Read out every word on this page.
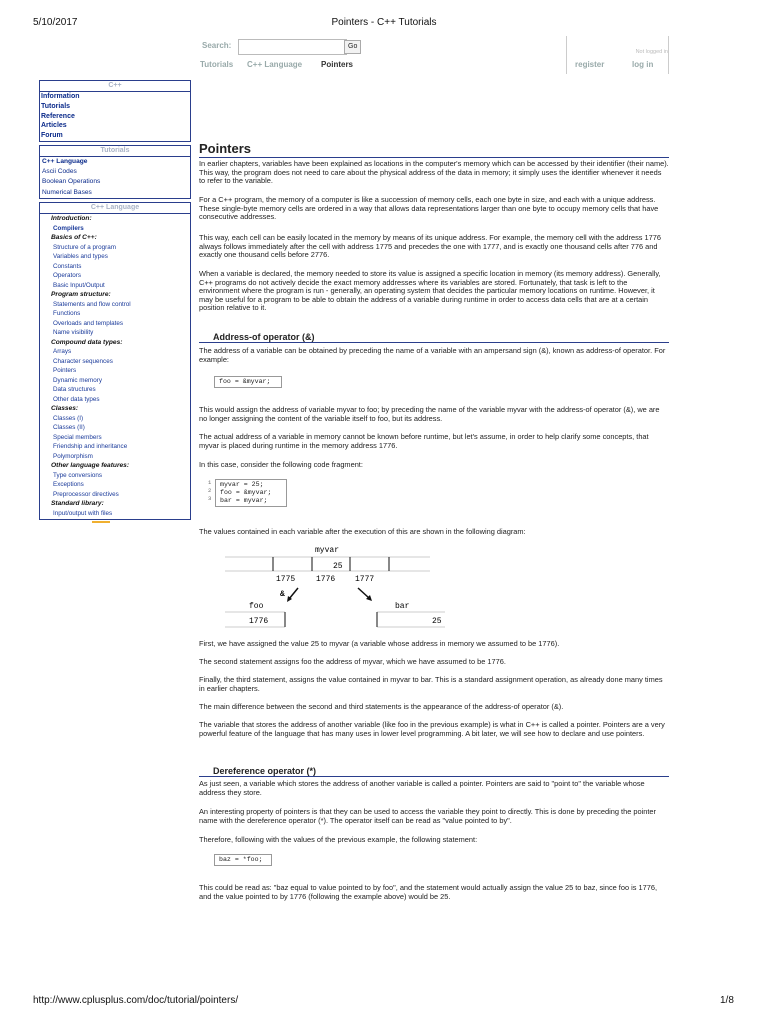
5/10/2017	Pointers - C++ Tutorials
Search:	Go
Not logged in
register	log in
Tutorials C++ Language Pointers
C++
Information
Tutorials
Reference
Articles
Forum
Tutorials
C++ Language
Ascii Codes
Boolean Operations
Numerical Bases
C++ Language
Introduction:
Compilers
Basics of C++:
Structure of a program
Variables and types
Constants
Operators
Basic Input/Output
Program structure:
Statements and flow control
Functions
Overloads and templates
Name visibility
Compound data types:
Arrays
Character sequences
Pointers
Dynamic memory
Data structures
Other data types
Classes:
Classes (I)
Classes (II)
Special members
Friendship and inheritance
Polymorphism
Other language features:
Type conversions
Exceptions
Preprocessor directives
Standard library:
Input/output with files
Pointers

In earlier chapters, variables have been explained as locations in the computer's memory which can be accessed by their identifier (their name). This way, the program does not need to care about the physical address of the data in memory; it simply uses the identifier whenever it needs to refer to the variable.

For a C++ program, the memory of a computer is like a succession of memory cells, each one byte in size, and each with a unique address. These single-byte memory cells are ordered in a way that allows data representations larger than one byte to occupy memory cells that have consecutive addresses.

This way, each cell can be easily located in the memory by means of its unique address. For example, the memory cell with the address 1776 always follows immediately after the cell with address 1775 and precedes the one with 1777, and is exactly one thousand cells after 776 and exactly one thousand cells before 2776.

When a variable is declared, the memory needed to store its value is assigned a specific location in memory (its memory address). Generally, C++ programs do not actively decide the exact memory addresses where its variables are stored. Fortunately, that task is left to the environment where the program is run - generally, an operating system that decides the particular memory locations on runtime. However, it may be useful for a program to be able to obtain the address of a variable during runtime in order to access data cells that are at a certain position relative to it.

Address-of operator (&)

The address of a variable can be obtained by preceding the name of a variable with an ampersand sign (&), known as address-of operator. For example:

foo = &myvar;

This would assign the address of variable myvar to foo; by preceding the name of the variable myvar with the address-of operator (&), we are no longer assigning the content of the variable itself to foo, but its address.

The actual address of a variable in memory cannot be known before runtime, but let's assume, in order to help clarify some concepts, that myvar is placed during runtime in the memory address 1776.

In this case, consider the following code fragment:

1
2
3
myvar = 25;
foo = &myvar;
bar = myvar;

The values contained in each variable after the execution of this are shown in the following diagram:

myvar
25
1775	1776 1777
&
foo
1776
bar
25

First, we have assigned the value 25 to myvar (a variable whose address in memory we assumed to be 1776).

The second statement assigns foo the address of myvar, which we have assumed to be 1776.

Finally, the third statement, assigns the value contained in myvar to bar. This is a standard assignment operation, as already done many times in earlier chapters.

The main difference between the second and third statements is the appearance of the address-of operator (&).

The variable that stores the address of another variable (like foo in the previous example) is what in C++ is called a pointer. Pointers are a very powerful feature of the language that has many uses in lower level programming. A bit later, we will see how to declare and use pointers.

Dereference operator (*)

As just seen, a variable which stores the address of another variable is called a pointer. Pointers are said to "point to" the variable whose address they store.

An interesting property of pointers is that they can be used to access the variable they point to directly. This is done by preceding the pointer name with the dereference operator (*). The operator itself can be read as "value pointed to by".

Therefore, following with the values of the previous example, the following statement:

baz = *foo;

This could be read as: "baz equal to value pointed to by foo", and the statement would actually assign the value 25 to baz, since foo is 1776, and the value pointed to by 1776 (following the example above) would be 25.

http://www.cplusplus.com/doc/tutorial/pointers/	1/8
